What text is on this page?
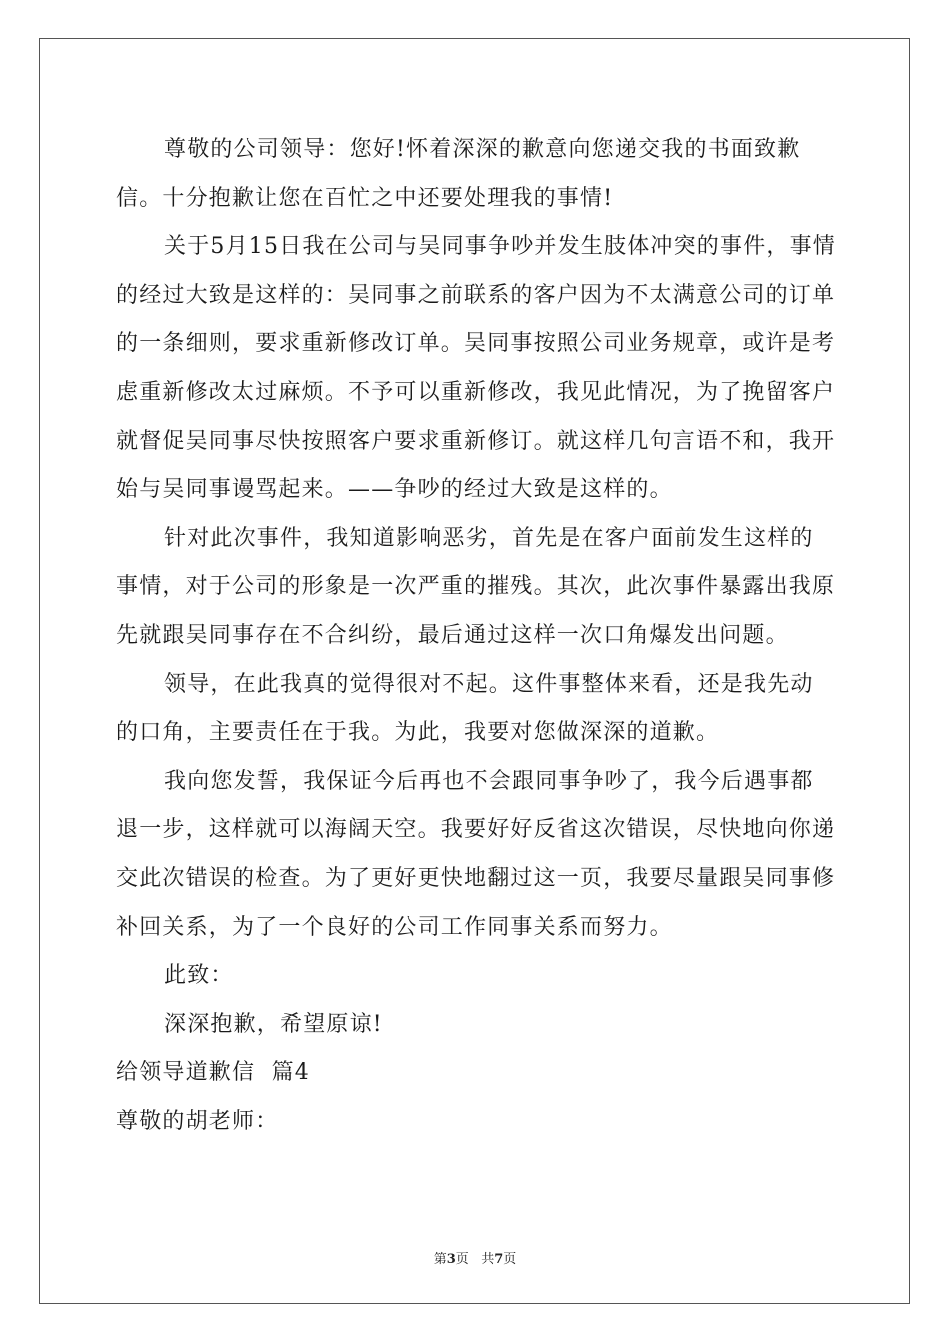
尊敬的公司领导：您好!怀着深深的歉意向您递交我的书面致歉信。十分抱歉让您在百忙之中还要处理我的事情!

关于5月15日我在公司与吴同事争吵并发生肢体冲突的事件，事情的经过大致是这样的：吴同事之前联系的客户因为不太满意公司的订单的一条细则，要求重新修改订单。吴同事按照公司业务规章，或许是考虑重新修改太过麻烦。不予可以重新修改，我见此情况，为了挽留客户就督促吴同事尽快按照客户要求重新修订。就这样几句言语不和，我开始与吴同事谩骂起来。——争吵的经过大致是这样的。

针对此次事件，我知道影响恶劣，首先是在客户面前发生这样的事情，对于公司的形象是一次严重的摧残。其次，此次事件暴露出我原先就跟吴同事存在不合纠纷，最后通过这样一次口角爆发出问题。

领导，在此我真的觉得很对不起。这件事整体来看，还是我先动的口角，主要责任在于我。为此，我要对您做深深的道歉。

我向您发誓，我保证今后再也不会跟同事争吵了，我今后遇事都退一步，这样就可以海阔天空。我要好好反省这次错误，尽快地向你递交此次错误的检查。为了更好更快地翻过这一页，我要尽量跟吴同事修补回关系，为了一个良好的公司工作同事关系而努力。

此致：

深深抱歉，希望原谅!

给领导道歉信  篇4

尊敬的胡老师：

第3页   共7页
